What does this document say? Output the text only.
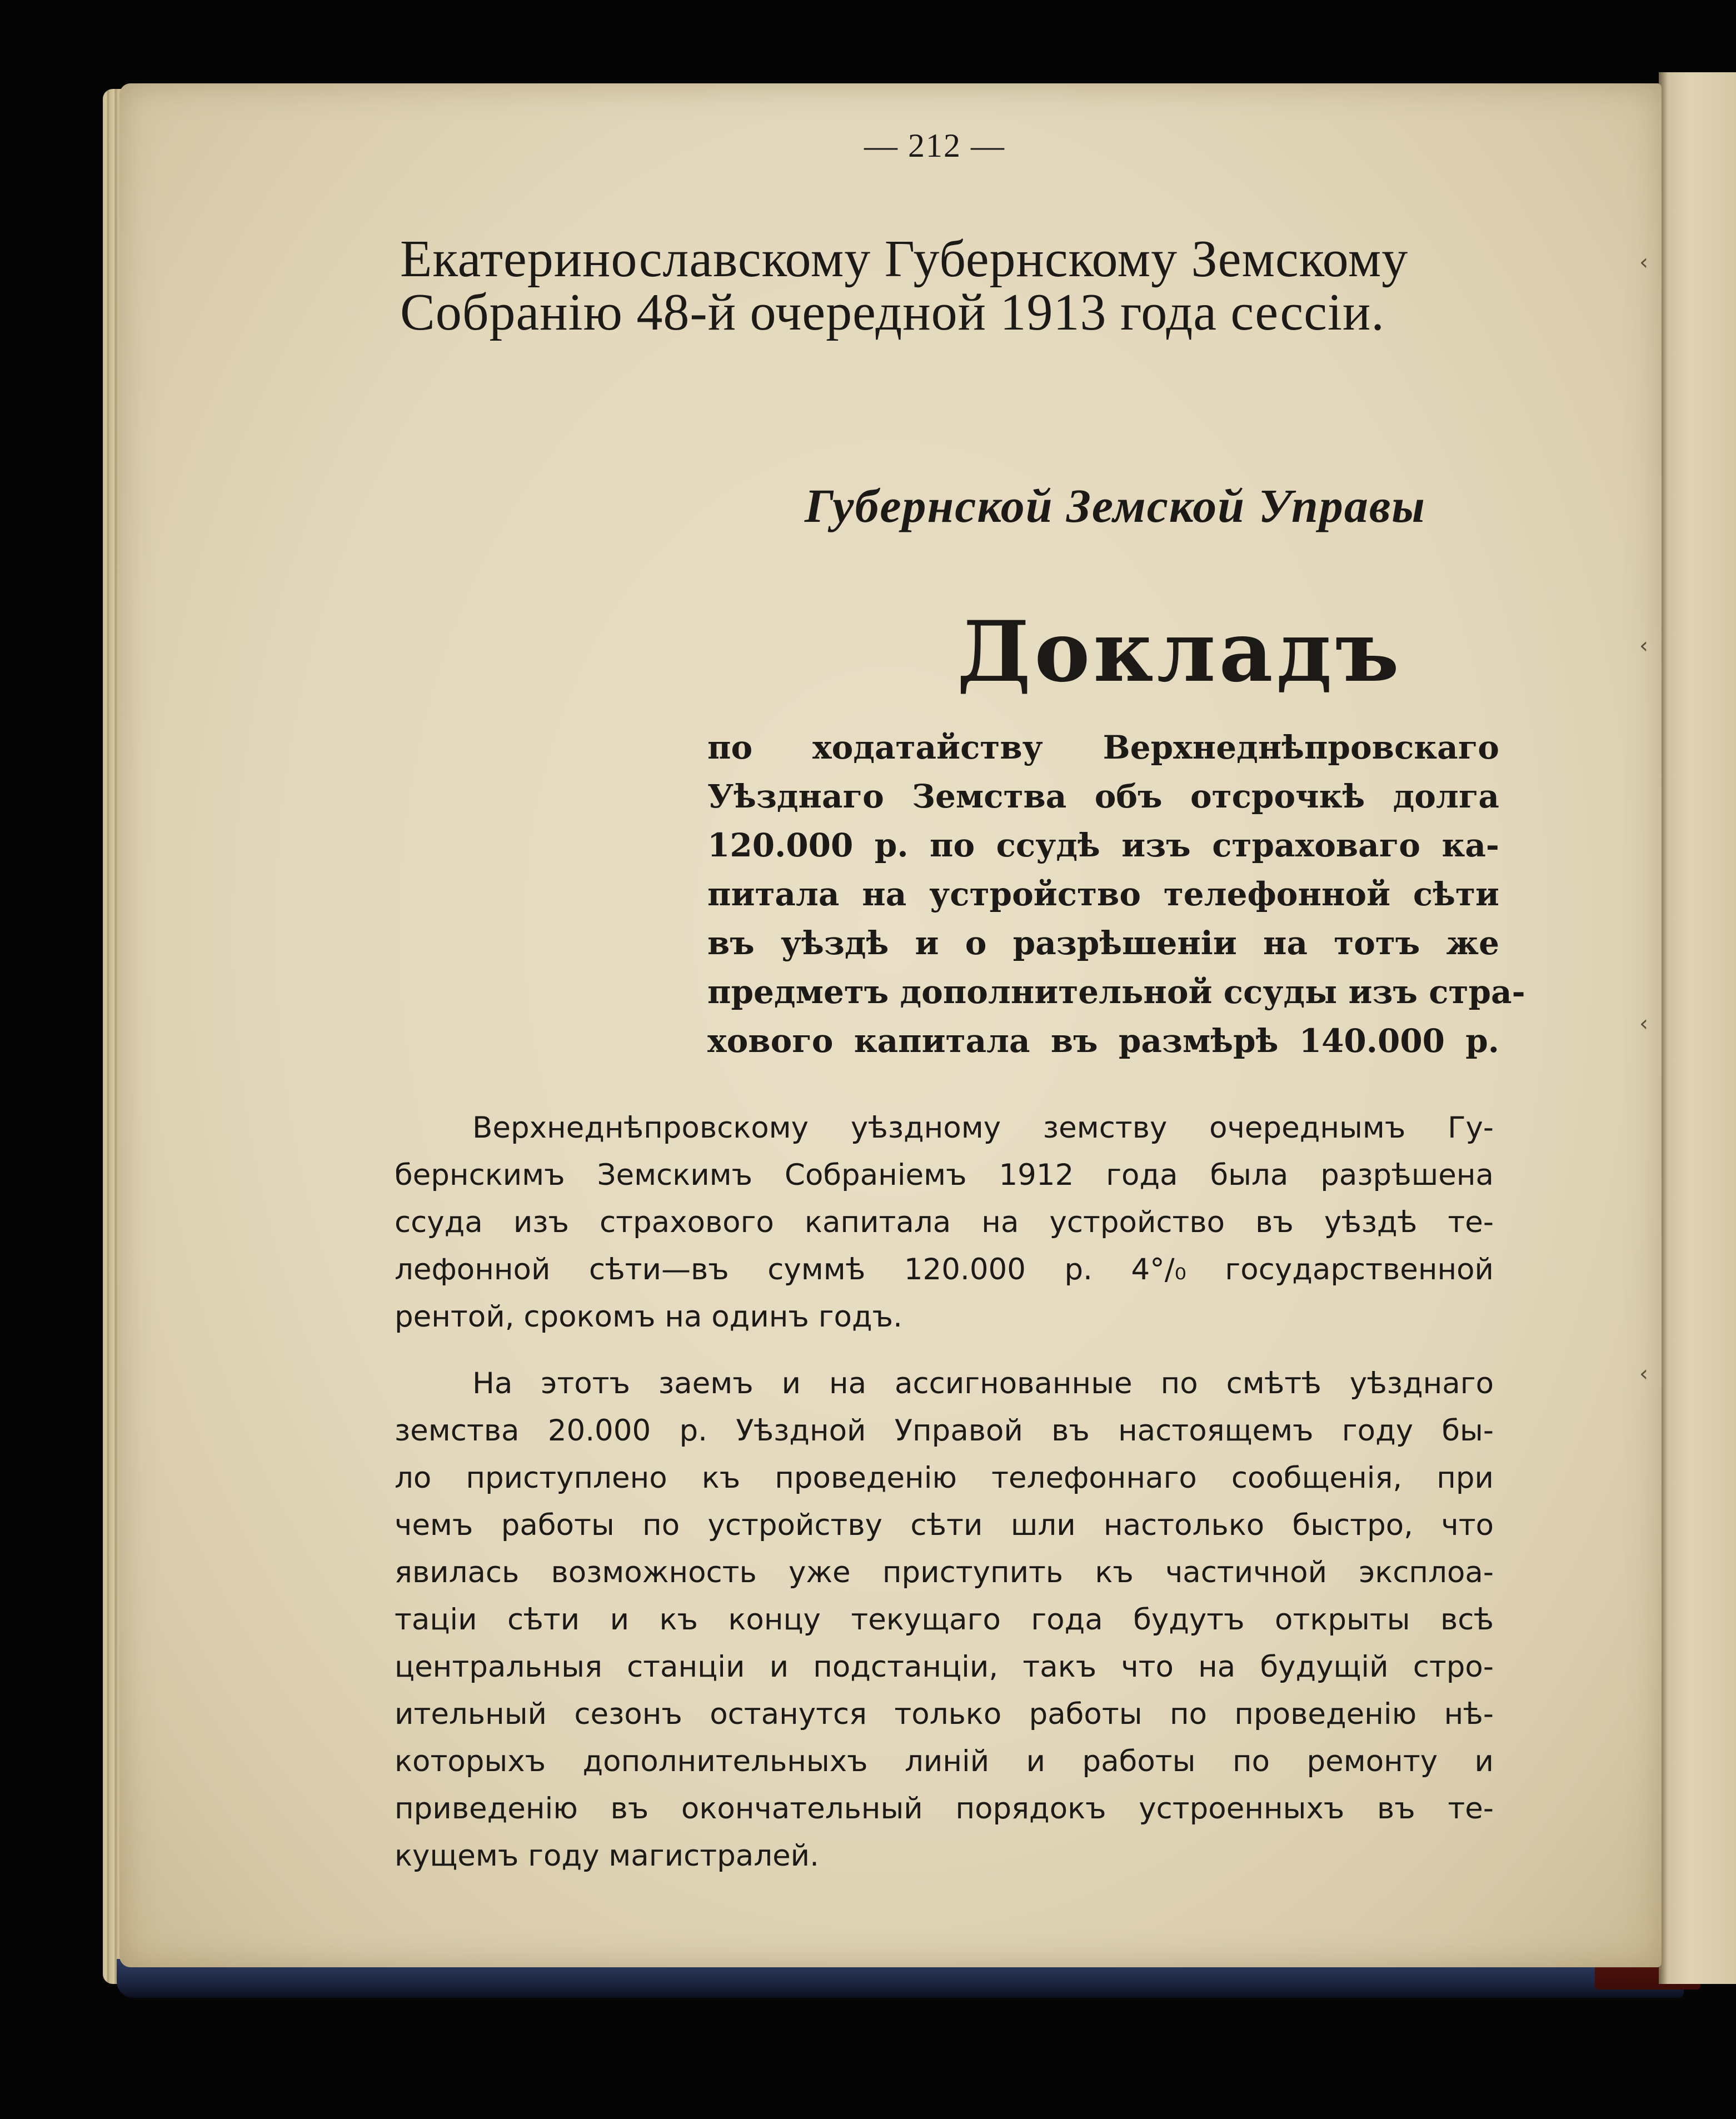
‹
‹
‹
‹
— 212 —
Екатеринославскому Губернскому Земскому
Собранію 48-й очередной 1913 года сессіи.
Губернской Земской Управы
Докладъ
по ходатайству Верхнеднѣпровскаго
Уѣзднаго Земства объ отсрочкѣ долга
120.000 р. по ссудѣ изъ страховаго ка-
питала на устройство телефонной сѣти
въ уѣздѣ и о разрѣшеніи на тотъ же
предметъ дополнительной ссуды изъ стра-
хового капитала въ размѣрѣ 140.000 р.
Верхнеднѣпровскому уѣздному земству очереднымъ Гу-
бернскимъ Земскимъ Собраніемъ 1912 года была разрѣшена
ссуда изъ страхового капитала на устройство въ уѣздѣ те-
лефонной сѣти—въ суммѣ 120.000 р. 4°/₀ государственной
рентой, срокомъ на одинъ годъ.
На этотъ заемъ и на ассигнованные по смѣтѣ уѣзднаго
земства 20.000 р. Уѣздной Управой въ настоящемъ году бы-
ло приступлено къ проведенію телефоннаго сообщенія, при
чемъ работы по устройству сѣти шли настолько быстро, что
явилась возможность уже приступить къ частичной эксплоа-
таціи сѣти и къ концу текущаго года будутъ открыты всѣ
центральныя станціи и подстанціи, такъ что на будущій стро-
ительный сезонъ останутся только работы по проведенію нѣ-
которыхъ дополнительныхъ линій и работы по ремонту и
приведенію въ окончательный порядокъ устроенныхъ въ те-
кущемъ году магистралей.
